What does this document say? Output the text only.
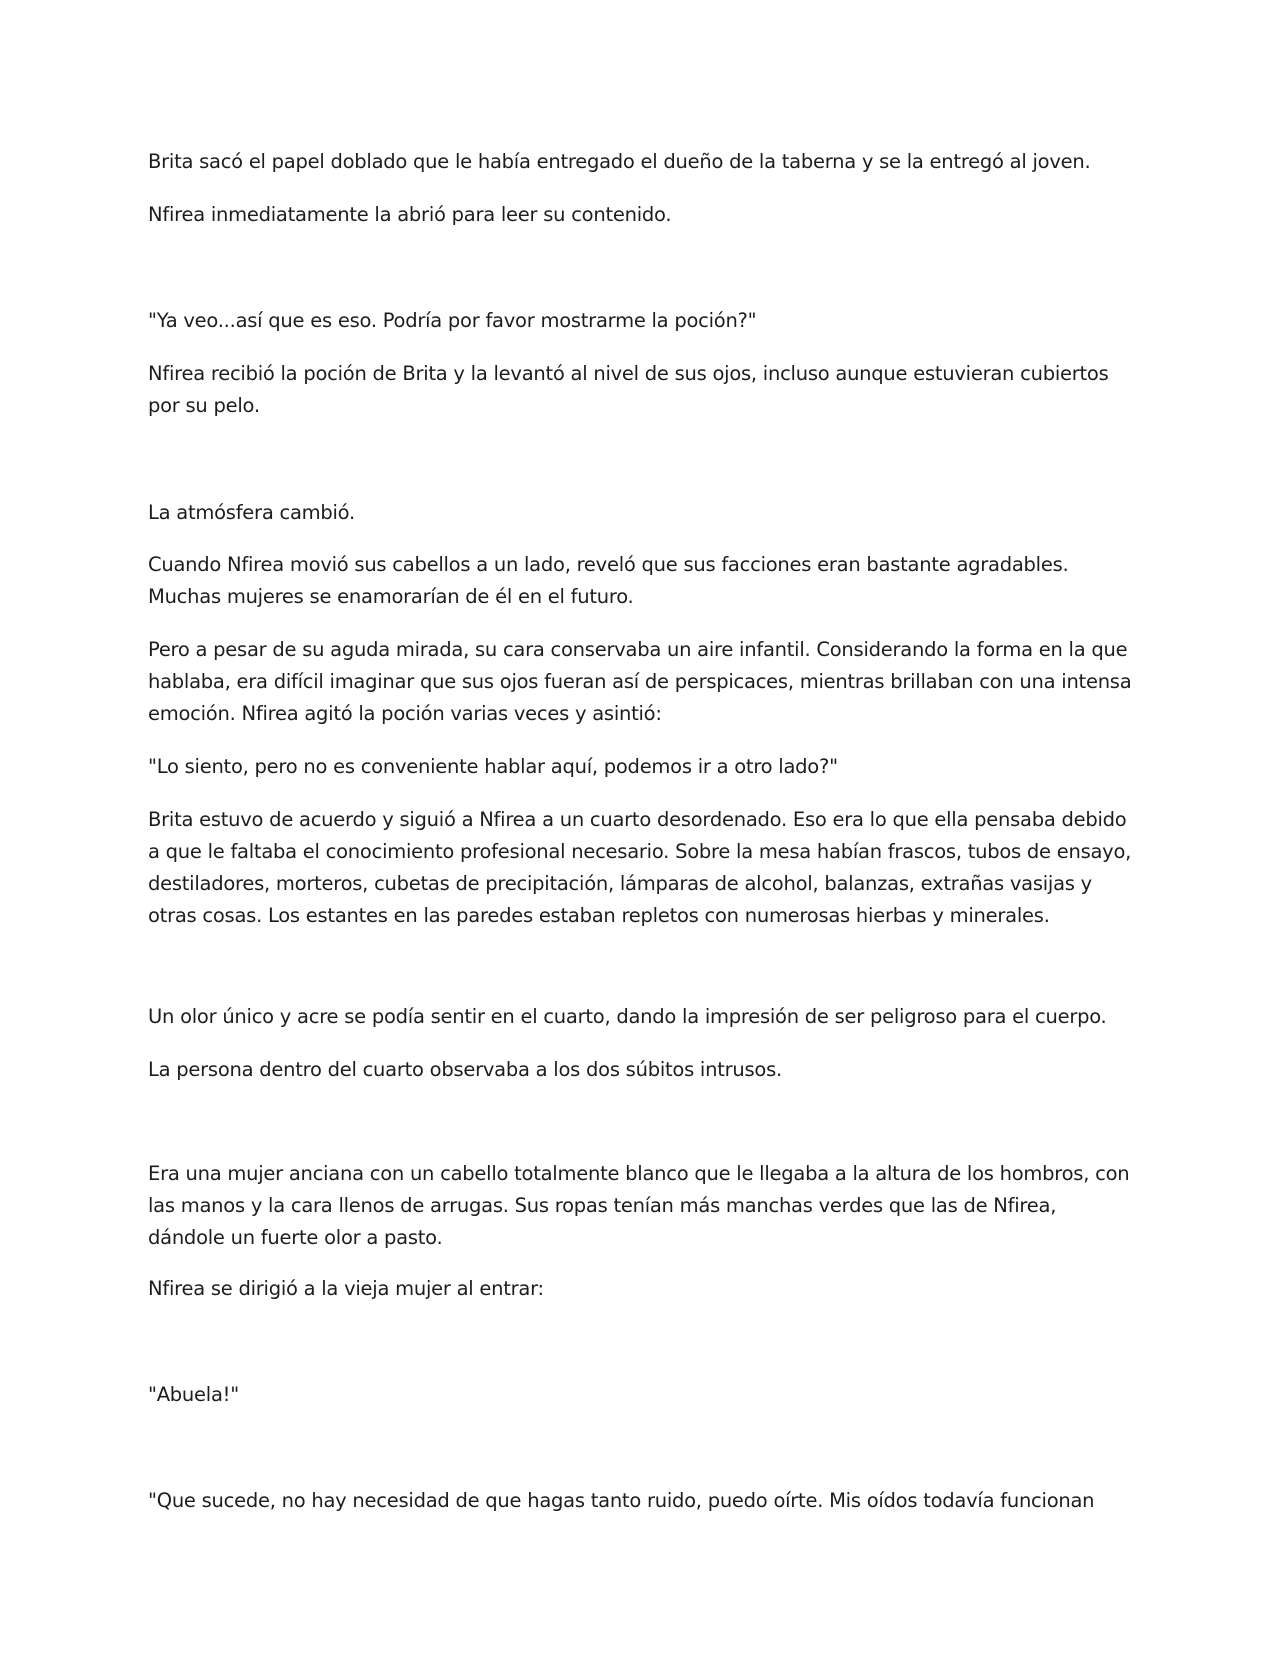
Brita sacó el papel doblado que le había entregado el dueño de la taberna y se la entregó al joven.

Nfirea inmediatamente la abrió para leer su contenido.

"Ya veo...así que es eso. Podría por favor mostrarme la poción?"

Nfirea recibió la poción de Brita y la levantó al nivel de sus ojos, incluso aunque estuvieran cubiertos por su pelo.

La atmósfera cambió.

Cuando Nfirea movió sus cabellos a un lado, reveló que sus facciones eran bastante agradables. Muchas mujeres se enamorarían de él en el futuro.

Pero a pesar de su aguda mirada, su cara conservaba un aire infantil. Considerando la forma en la que hablaba, era difícil imaginar que sus ojos fueran así de perspicaces, mientras brillaban con una intensa emoción. Nfirea agitó la poción varias veces y asintió:

"Lo siento, pero no es conveniente hablar aquí, podemos ir a otro lado?"

Brita estuvo de acuerdo y siguió a Nfirea a un cuarto desordenado. Eso era lo que ella pensaba debido a que le faltaba el conocimiento profesional necesario. Sobre la mesa habían frascos, tubos de ensayo, destiladores, morteros, cubetas de precipitación, lámparas de alcohol, balanzas, extrañas vasijas y otras cosas. Los estantes en las paredes estaban repletos con numerosas hierbas y minerales.

Un olor único y acre se podía sentir en el cuarto, dando la impresión de ser peligroso para el cuerpo.

La persona dentro del cuarto observaba a los dos súbitos intrusos.

Era una mujer anciana con un cabello totalmente blanco que le llegaba a la altura de los hombros, con las manos y la cara llenos de arrugas. Sus ropas tenían más manchas verdes que las de Nfirea, dándole un fuerte olor a pasto.

Nfirea se dirigió a la vieja mujer al entrar:

"Abuela!"

"Que sucede, no hay necesidad de que hagas tanto ruido, puedo oírte. Mis oídos todavía funcionan
